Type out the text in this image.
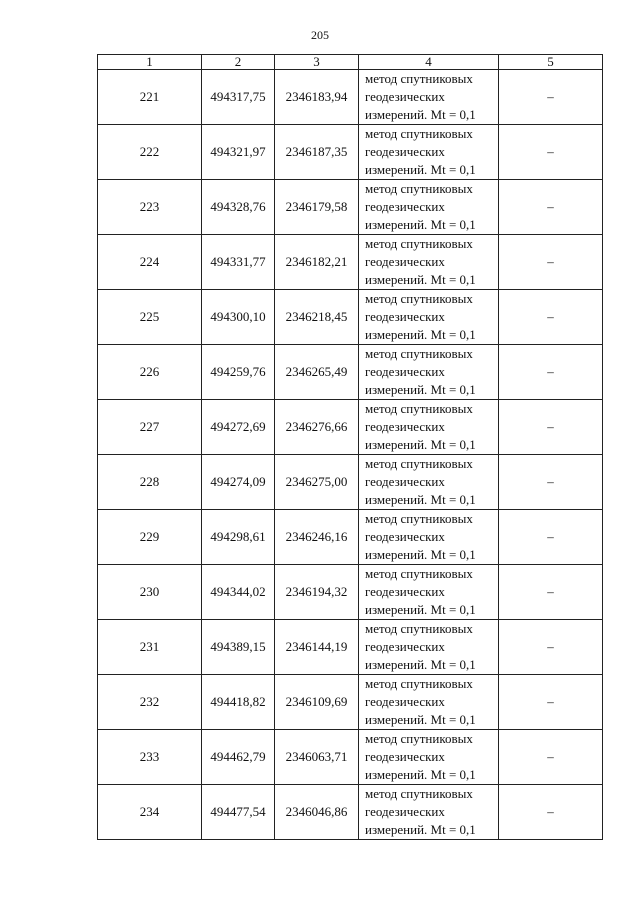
205
1	2	3	4	5
221	494317,75	2346183,94	метод спутниковых
геодезических
измерений. Mt = 0,1	–
222	494321,97	2346187,35	метод спутниковых
геодезических
измерений. Mt = 0,1	–
223	494328,76	2346179,58	метод спутниковых
геодезических
измерений. Mt = 0,1	–
224	494331,77	2346182,21	метод спутниковых
геодезических
измерений. Mt = 0,1	–
225	494300,10	2346218,45	метод спутниковых
геодезических
измерений. Mt = 0,1	–
226	494259,76	2346265,49	метод спутниковых
геодезических
измерений. Mt = 0,1	–
227	494272,69	2346276,66	метод спутниковых
геодезических
измерений. Mt = 0,1	–
228	494274,09	2346275,00	метод спутниковых
геодезических
измерений. Mt = 0,1	–
229	494298,61	2346246,16	метод спутниковых
геодезических
измерений. Mt = 0,1	–
230	494344,02	2346194,32	метод спутниковых
геодезических
измерений. Mt = 0,1	–
231	494389,15	2346144,19	метод спутниковых
геодезических
измерений. Mt = 0,1	–
232	494418,82	2346109,69	метод спутниковых
геодезических
измерений. Mt = 0,1	–
233	494462,79	2346063,71	метод спутниковых
геодезических
измерений. Mt = 0,1	–
234	494477,54	2346046,86	метод спутниковых
геодезических
измерений. Mt = 0,1	–
